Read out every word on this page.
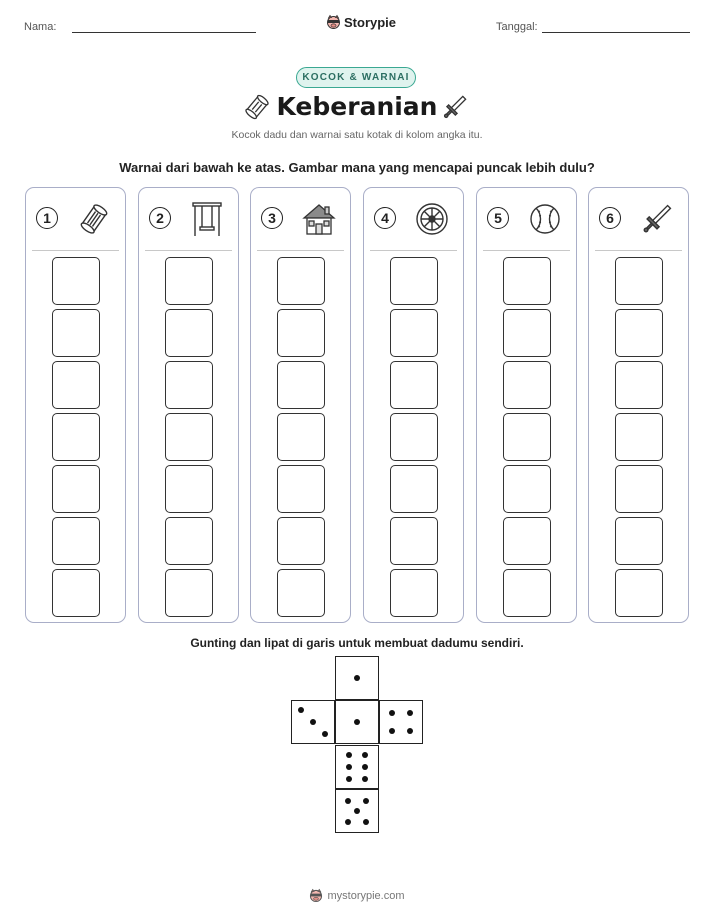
Nama:	Storypie	Tanggal:
KOCOK & WARNAI
Keberanian
Kocok dadu dan warnai satu kotak di kolom angka itu.
Warnai dari bawah ke atas. Gambar mana yang mencapai puncak lebih dulu?
1	2	3	4	5	6
Gunting dan lipat di garis untuk membuat dadumu sendiri.
mystorypie.com
